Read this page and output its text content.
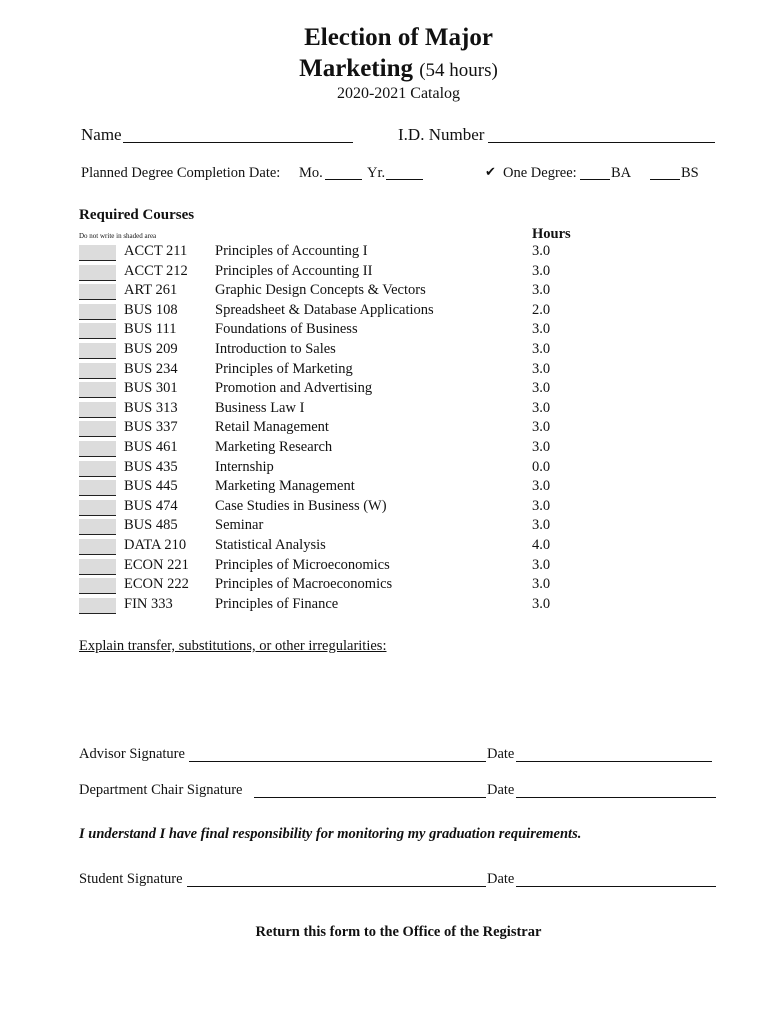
Election of Major
Marketing (54 hours)
2020-2021 Catalog
Name	I.D. Number
Planned Degree Completion Date: Mo.	Yr.	✔ One Degree: BA	BS
Required Courses
Do not write in shaded area	Hours
ACCT 211 Principles of Accounting I	3.0
ACCT 212 Principles of Accounting II	3.0
ART 261	Graphic Design Concepts & Vectors	3.0
BUS 108	Spreadsheet & Database Applications	2.0
BUS 111	Foundations of Business	3.0
BUS 209	Introduction to Sales	3.0
BUS 234	Principles of Marketing	3.0
BUS 301	Promotion and Advertising	3.0
BUS 313	Business Law I	3.0
BUS 337	Retail Management	3.0
BUS 461	Marketing Research	3.0
BUS 435	Internship	0.0
BUS 445	Marketing Management	3.0
BUS 474	Case Studies in Business (W)	3.0
BUS 485	Seminar	3.0
DATA 210 Statistical Analysis	4.0
ECON 221 Principles of Microeconomics	3.0
ECON 222 Principles of Macroeconomics	3.0
FIN 333	Principles of Finance	3.0
Explain transfer, substitutions, or other irregularities:
Advisor Signature	Date
Department Chair Signature	Date
I understand I have final responsibility for monitoring my graduation requirements.
Student Signature	Date
Return this form to the Office of the Registrar
